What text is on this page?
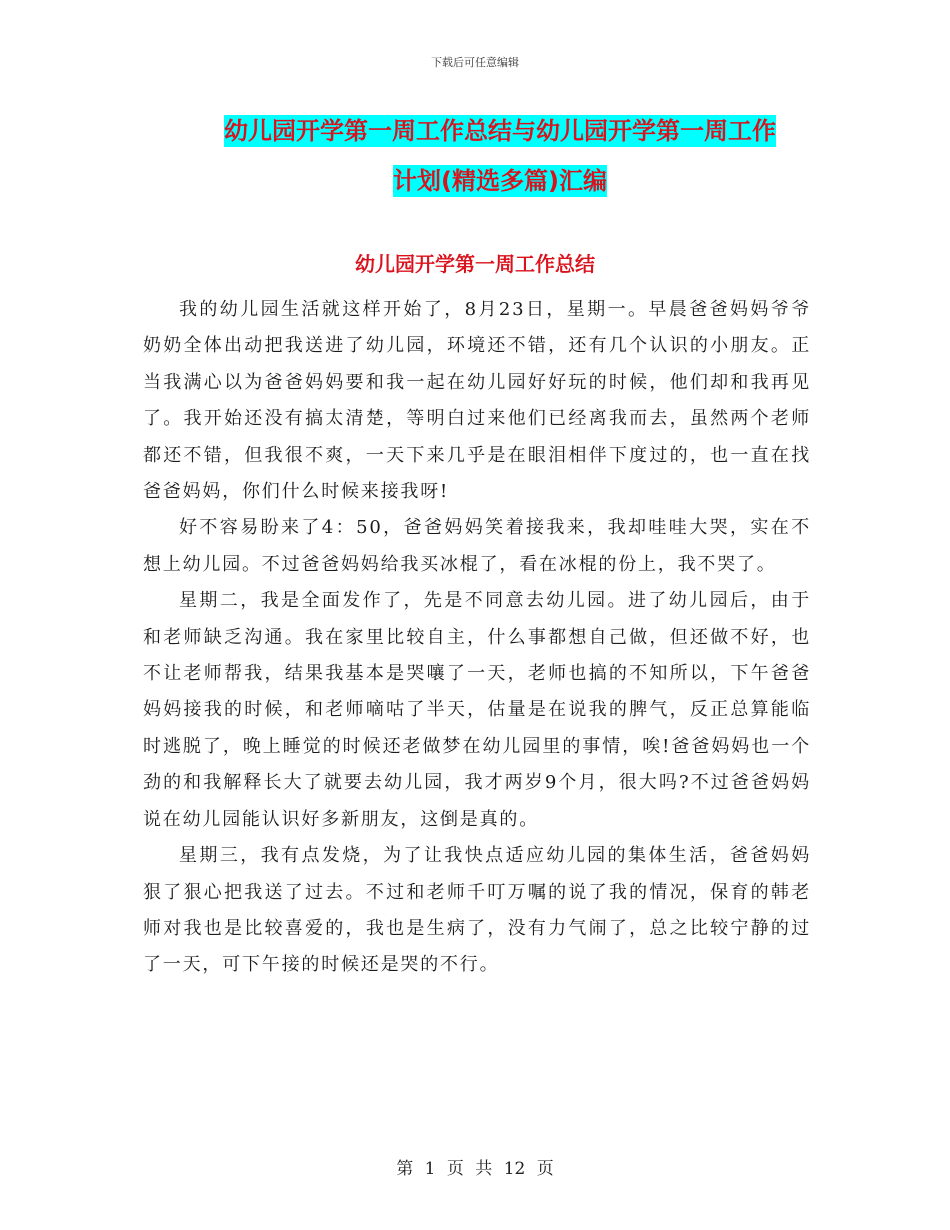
下载后可任意编辑
幼儿园开学第一周工作总结与幼儿园开学第一周工作
计划(精选多篇)汇编
幼儿园开学第一周工作总结

我的幼儿园生活就这样开始了，8月23日，星期一。早晨爸爸妈妈爷爷奶奶全体出动把我送进了幼儿园，环境还不错，还有几个认识的小朋友。正当我满心以为爸爸妈妈要和我一起在幼儿园好好玩的时候，他们却和我再见了。我开始还没有搞太清楚，等明白过来他们已经离我而去，虽然两个老师都还不错，但我很不爽，一天下来几乎是在眼泪相伴下度过的，也一直在找爸爸妈妈，你们什么时候来接我呀!

好不容易盼来了4：50，爸爸妈妈笑着接我来，我却哇哇大哭，实在不想上幼儿园。不过爸爸妈妈给我买冰棍了，看在冰棍的份上，我不哭了。

星期二，我是全面发作了，先是不同意去幼儿园。进了幼儿园后，由于和老师缺乏沟通。我在家里比较自主，什么事都想自己做，但还做不好，也不让老师帮我，结果我基本是哭嚷了一天，老师也搞的不知所以，下午爸爸妈妈接我的时候，和老师嘀咕了半天，估量是在说我的脾气，反正总算能临时逃脱了，晚上睡觉的时候还老做梦在幼儿园里的事情，唉!爸爸妈妈也一个劲的和我解释长大了就要去幼儿园，我才两岁9个月，很大吗?不过爸爸妈妈说在幼儿园能认识好多新朋友，这倒是真的。

星期三，我有点发烧，为了让我快点适应幼儿园的集体生活，爸爸妈妈狠了狠心把我送了过去。不过和老师千叮万嘱的说了我的情况，保育的韩老师对我也是比较喜爱的，我也是生病了，没有力气闹了，总之比较宁静的过了一天，可下午接的时候还是哭的不行。

第 1 页 共 12 页
